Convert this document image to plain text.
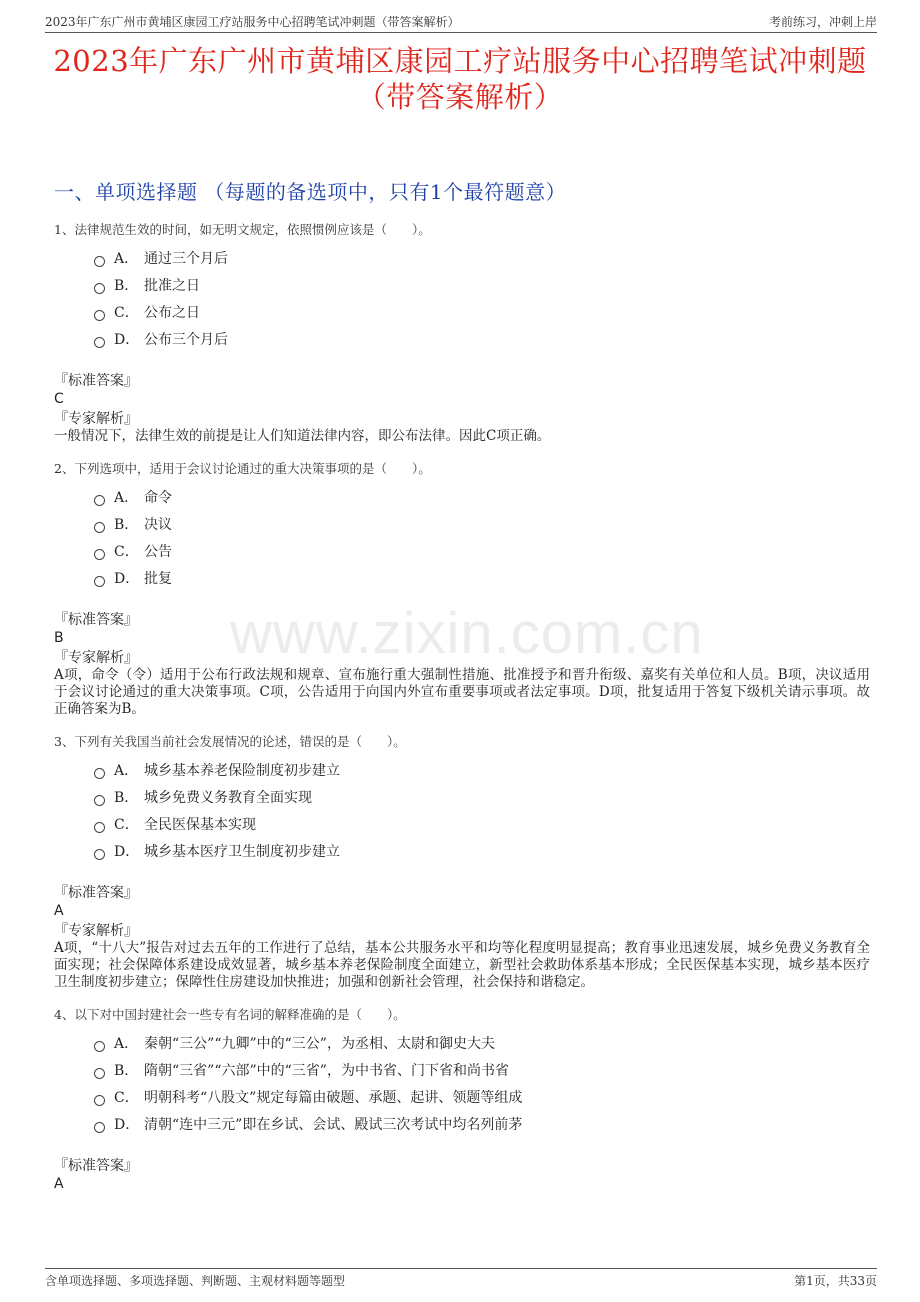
2023年广东广州市黄埔区康园工疗站服务中心招聘笔试冲刺题（带答案解析）	考前练习，冲刺上岸
2023年广东广州市黄埔区康园工疗站服务中心招聘笔试冲刺题
（带答案解析）
一、单项选择题 （每题的备选项中，只有1个最符题意）
www.zixin.com.cn
1、法律规范生效的时间，如无明文规定，依照惯例应该是（　　）。
A． 通过三个月后
B． 批准之日
C． 公布之日
D． 公布三个月后
『标准答案』
C
『专家解析』
一般情况下，法律生效的前提是让人们知道法律内容，即公布法律。因此C项正确。
2、下列选项中，适用于会议讨论通过的重大决策事项的是（　　）。
A． 命令
B． 决议
C． 公告
D． 批复
『标准答案』
B
『专家解析』
A项，命令（令）适用于公布行政法规和规章、宣布施行重大强制性措施、批准授予和晋升衔级、嘉奖有关单位和人员。B项，决议适用于会议讨论通过的重大决策事项。C项，公告适用于向国内外宣布重要事项或者法定事项。D项，批复适用于答复下级机关请示事项。故正确答案为B。
3、下列有关我国当前社会发展情况的论述，错误的是（　　）。
A． 城乡基本养老保险制度初步建立
B． 城乡免费义务教育全面实现
C． 全民医保基本实现
D． 城乡基本医疗卫生制度初步建立
『标准答案』
A
『专家解析』
A项，“十八大”报告对过去五年的工作进行了总结，基本公共服务水平和均等化程度明显提高；教育事业迅速发展，城乡免费义务教育全面实现；社会保障体系建设成效显著，城乡基本养老保险制度全面建立，新型社会救助体系基本形成；全民医保基本实现，城乡基本医疗卫生制度初步建立；保障性住房建设加快推进；加强和创新社会管理，社会保持和谐稳定。
4、以下对中国封建社会一些专有名词的解释准确的是（　　）。
A． 秦朝“三公”“九卿”中的“三公”，为丞相、太尉和御史大夫
B． 隋朝“三省”“六部”中的“三省”，为中书省、门下省和尚书省
C． 明朝科考“八股文”规定每篇由破题、承题、起讲、领题等组成
D． 清朝“连中三元”即在乡试、会试、殿试三次考试中均名列前茅
『标准答案』
A
含单项选择题、多项选择题、判断题、主观材料题等题型	第1页，共33页
